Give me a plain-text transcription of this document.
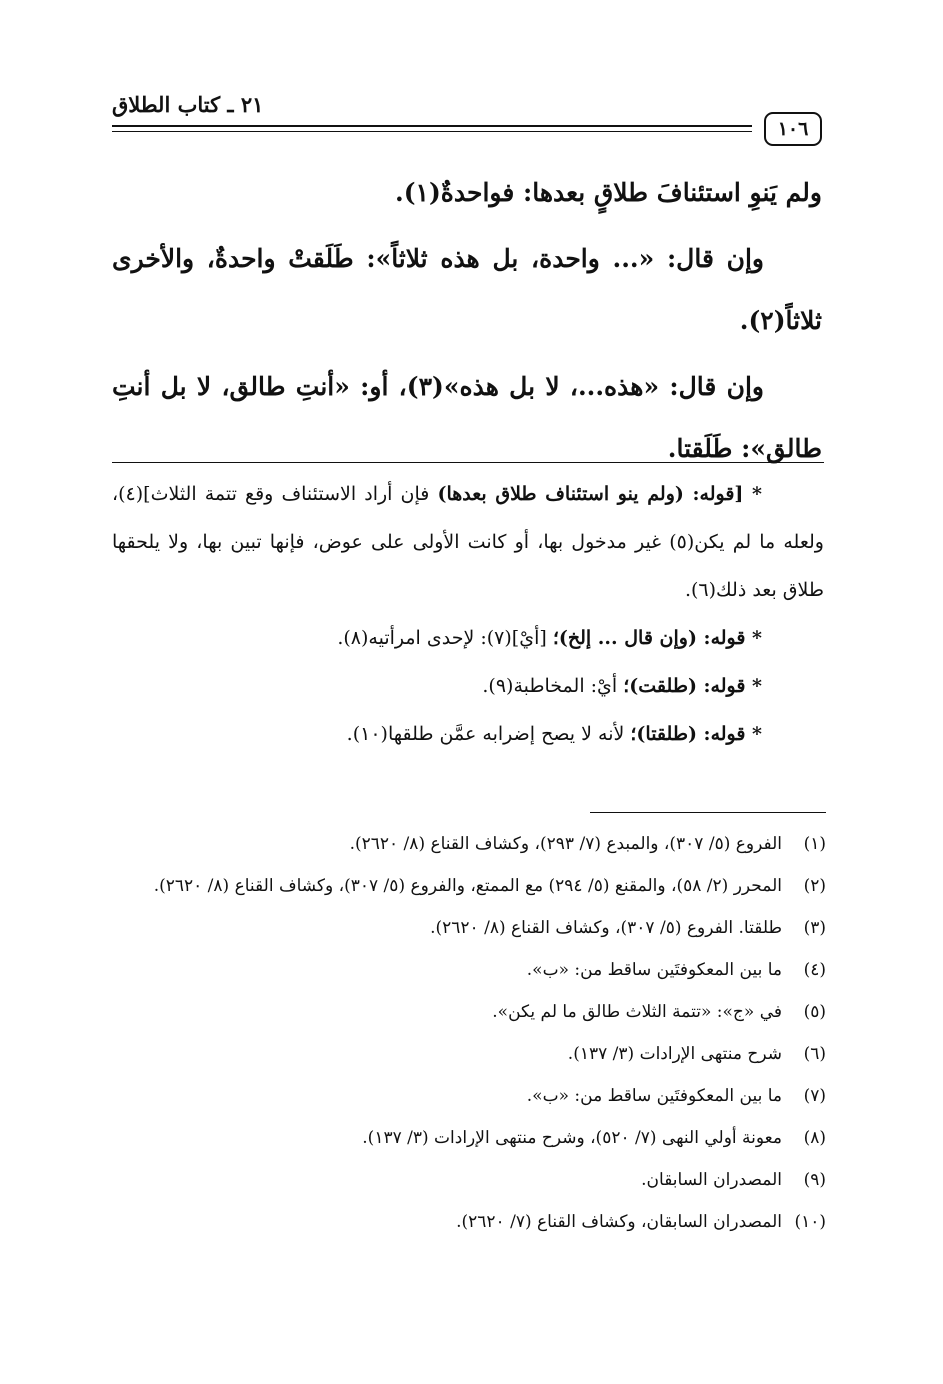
٢١ ـ كتاب الطلاق
١٠٦

ولم يَنوِ استئنافَ طلاقٍ بعدها: فواحدةٌ(١).

وإن قال: «... واحدة، بل هذه ثلاثاً»: طَلَقتْ واحدةٌ، والأخرى ثلاثاً(٢).

وإن قال: «هذه...، لا بل هذه»(٣)، أو: «أنتِ طالق، لا بل أنتِ طالق»: طَلَقتا.

* [قوله: (ولم ينو استئناف طلاق بعدها) فإن أراد الاستئناف وقع تتمة الثلاث](٤)، ولعله ما لم يكن(٥) غير مدخول بها، أو كانت الأولى على عوض، فإنها تبين بها، ولا يلحقها طلاق بعد ذلك(٦).

* قوله: (وإن قال ... إلخ)؛ [أيْ](٧): لإحدى امرأتيه(٨).

* قوله: (طلقت)؛ أيْ: المخاطبة(٩).

* قوله: (طلقتا)؛ لأنه لا يصح إضرابه عمَّن طلقها(١٠).

(١)
الفروع (٥/ ٣٠٧)، والمبدع (٧/ ٢٩٣)، وكشاف القناع (٨/ ٢٦٢٠).
(٢)
المحرر (٢/ ٥٨)، والمقنع (٥/ ٢٩٤) مع الممتع، والفروع (٥/ ٣٠٧)، وكشاف القناع (٨/ ٢٦٢٠).
(٣)
طلقتا. الفروع (٥/ ٣٠٧)، وكشاف القناع (٨/ ٢٦٢٠).
(٤)
ما بين المعكوفتَين ساقط من: «ب».
(٥)
في «ج»: «تتمة الثلاث طالق ما لم يكن».
(٦)
شرح منتهى الإرادات (٣/ ١٣٧).
(٧)
ما بين المعكوفتَين ساقط من: «ب».
(٨)
معونة أولي النهى (٧/ ٥٢٠)، وشرح منتهى الإرادات (٣/ ١٣٧).
(٩)
المصدران السابقان.
(١٠)
المصدران السابقان، وكشاف القناع (٧/ ٢٦٢٠).
